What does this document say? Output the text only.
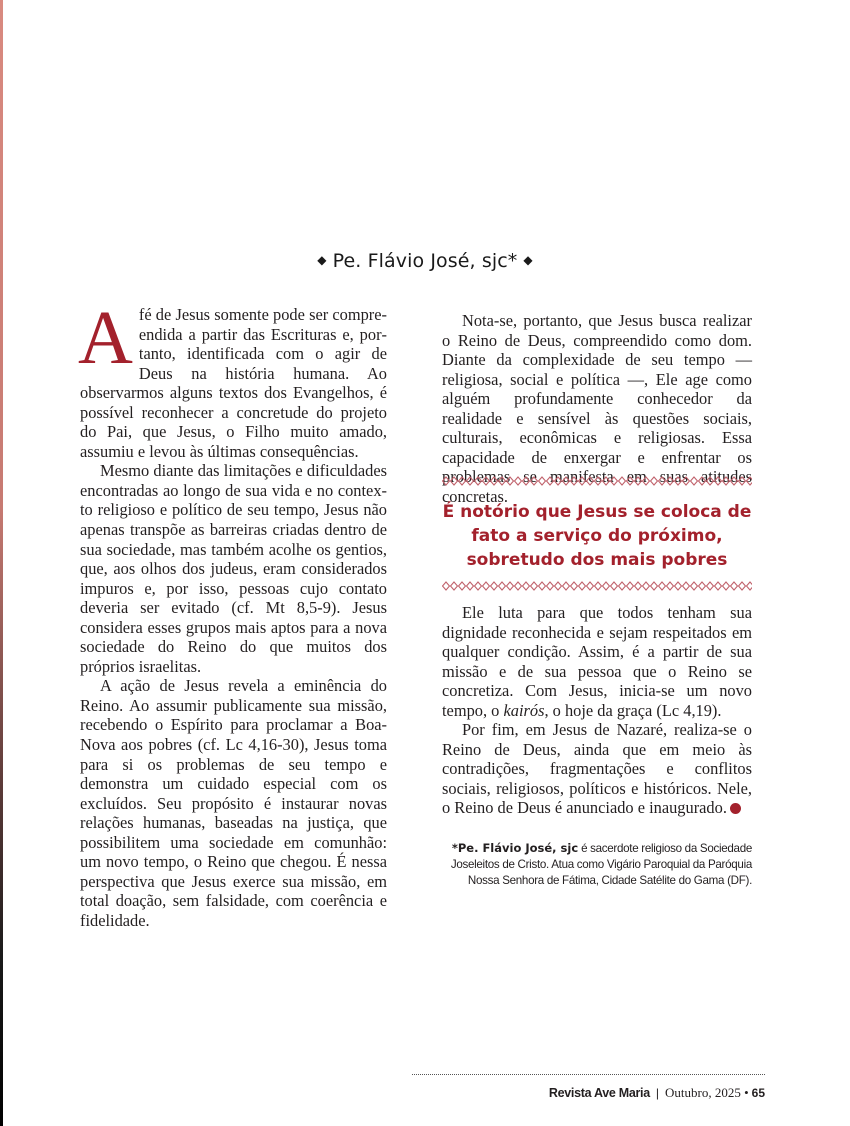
◆ Pe. Flávio José, sjc* ◆

A fé de Jesus somente pode ser compreendida a partir das Escrituras e, portanto, identificada com o agir de Deus na história humana. Ao observarmos alguns textos dos Evangelhos, é possível reconhecer a concretude do projeto do Pai, que Jesus, o Filho muito amado, assumiu e levou às últimas consequências.

Mesmo diante das limitações e dificuldades encontradas ao longo de sua vida e no contexto religioso e político de seu tempo, Jesus não apenas transpõe as barreiras criadas dentro de sua sociedade, mas também acolhe os gentios, que, aos olhos dos judeus, eram considerados impuros e, por isso, pessoas cujo contato deveria ser evitado (cf. Mt 8,5-9). Jesus considera esses grupos mais aptos para a nova sociedade do Reino do que muitos dos próprios israelitas.

A ação de Jesus revela a eminência do Reino. Ao assumir publicamente sua missão, recebendo o Espírito para proclamar a Boa-Nova aos pobres (cf. Lc 4,16-30), Jesus toma para si os problemas de seu tempo e demonstra um cuidado especial com os excluídos. Seu propósito é instaurar novas relações humanas, baseadas na justiça, que possibilitem uma sociedade em comunhão: um novo tempo, o Reino que chegou. É nessa perspectiva que Jesus exerce sua missão, em total doação, sem falsidade, com coerência e fidelidade.

Nota-se, portanto, que Jesus busca realizar o Reino de Deus, compreendido como dom. Diante da complexidade de seu tempo — religiosa, social e política —, Ele age como alguém profundamente conhecedor da realidade e sensível às questões sociais, culturais, econômicas e religiosas. Essa capacidade de enxergar e enfrentar os concretas.

É notório que Jesus se coloca de fato a serviço do próximo, sobretudo dos mais pobres

Ele luta para que todos tenham sua dignidade reconhecida e sejam respeitados em qualquer condição. Assim, é a partir de sua missão e de sua pessoa que o Reino se concretiza. Com Jesus, inicia-se um novo tempo, o kairós, o hoje da graça (Lc 4,19).

Por fim, em Jesus de Nazaré, realiza-se o Reino de Deus, ainda que em meio às contradições, fragmentações e conflitos sociais, religiosos, políticos e históricos. Nele, o Reino de Deus é anunciado e inaugurado.

*Pe. Flávio José, sjc é sacerdote religioso da Sociedade Joseleitos de Cristo. Atua como Vigário Paroquial da Paróquia Nossa Senhora de Fátima, Cidade Satélite do Gama (DF).
Revista Ave Maria | Outubro, 2025 • 65
